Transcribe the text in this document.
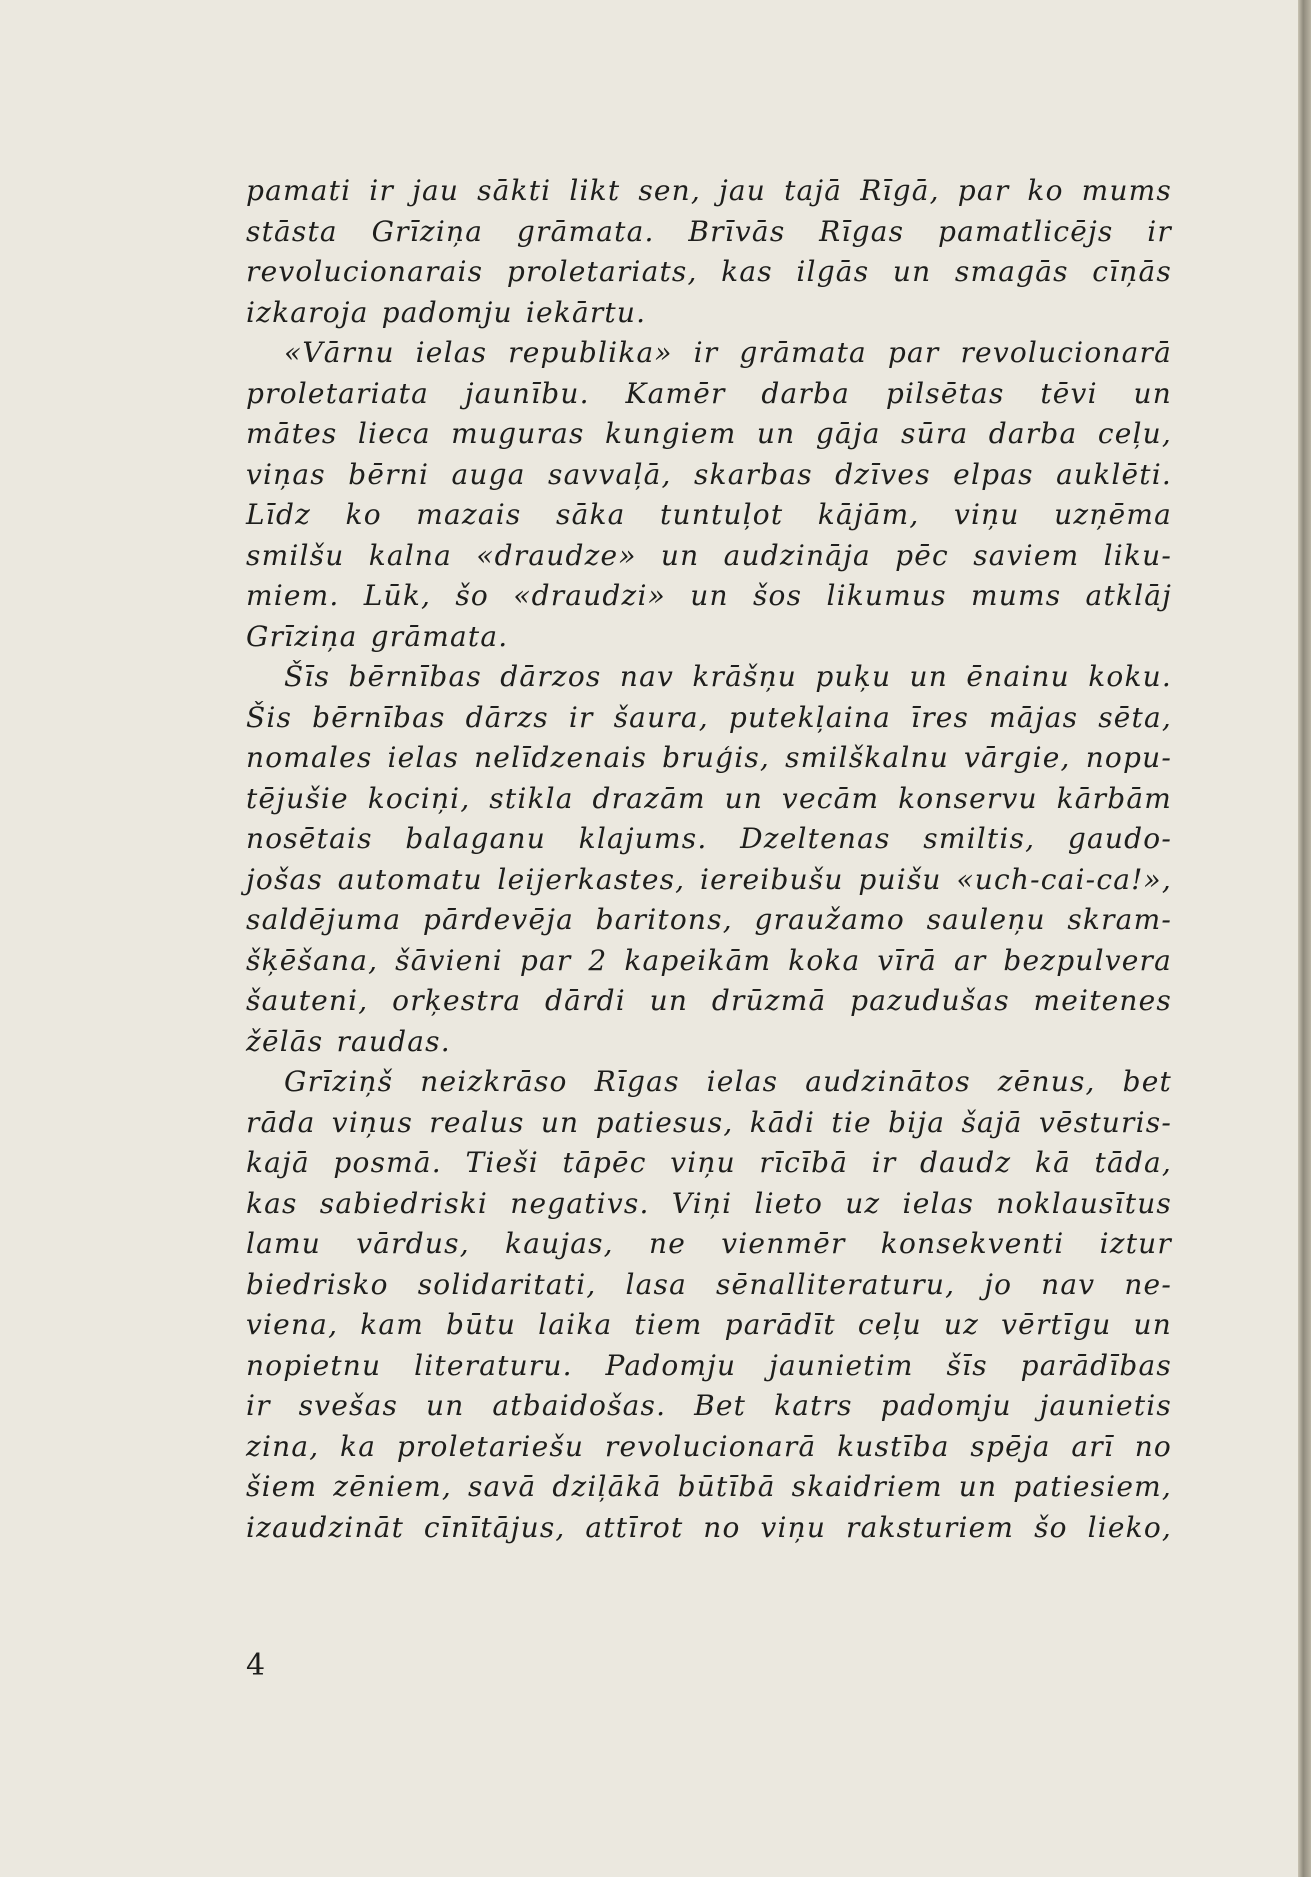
pamati ir jau sākti likt sen, jau tajā Rīgā, par ko mums
stāsta Grīziņa grāmata. Brīvās Rīgas pamatlicējs ir
revolucionarais proletariats, kas ilgās un smagās cīņās
izkaroja padomju iekārtu.
«Vārnu ielas republika» ir grāmata par revolucionarā
proletariata jaunību. Kamēr darba pilsētas tēvi un
mātes lieca muguras kungiem un gāja sūra darba ceļu,
viņas bērni auga savvaļā, skarbas dzīves elpas auklēti.
Līdz ko mazais sāka tuntuļot kājām, viņu uzņēma
smilšu kalna «draudze» un audzināja pēc saviem liku-
miem. Lūk, šo «draudzi» un šos likumus mums atklāj
Grīziņa grāmata.
Šīs bērnības dārzos nav krāšņu puķu un ēnainu koku.
Šis bērnības dārzs ir šaura, putekļaina īres mājas sēta,
nomales ielas nelīdzenais bruģis, smilškalnu vārgie, nopu-
tējušie kociņi, stikla drazām un vecām konservu kārbām
nosētais balaganu klajums. Dzeltenas smiltis, gaudo-
jošas automatu leijerkastes, iereibušu puišu «uch-cai-ca!»,
saldējuma pārdevēja baritons, graužamo sauleņu skram-
šķēšana, šāvieni par 2 kapeikām koka vīrā ar bezpulvera
šauteni, orķestra dārdi un drūzmā pazudušas meitenes
žēlās raudas.
Grīziņš neizkrāso Rīgas ielas audzinātos zēnus, bet
rāda viņus realus un patiesus, kādi tie bija šajā vēsturis-
kajā posmā. Tieši tāpēc viņu rīcībā ir daudz kā tāda,
kas sabiedriski negativs. Viņi lieto uz ielas noklausītus
lamu vārdus, kaujas, ne vienmēr konsekventi iztur
biedrisko solidaritati, lasa sēnalliteraturu, jo nav ne-
viena, kam būtu laika tiem parādīt ceļu uz vērtīgu un
nopietnu literaturu. Padomju jaunietim šīs parādības
ir svešas un atbaidošas. Bet katrs padomju jaunietis
zina, ka proletariešu revolucionarā kustība spēja arī no
šiem zēniem, savā dziļākā būtībā skaidriem un patiesiem,
izaudzināt cīnītājus, attīrot no viņu raksturiem šo lieko,
4
